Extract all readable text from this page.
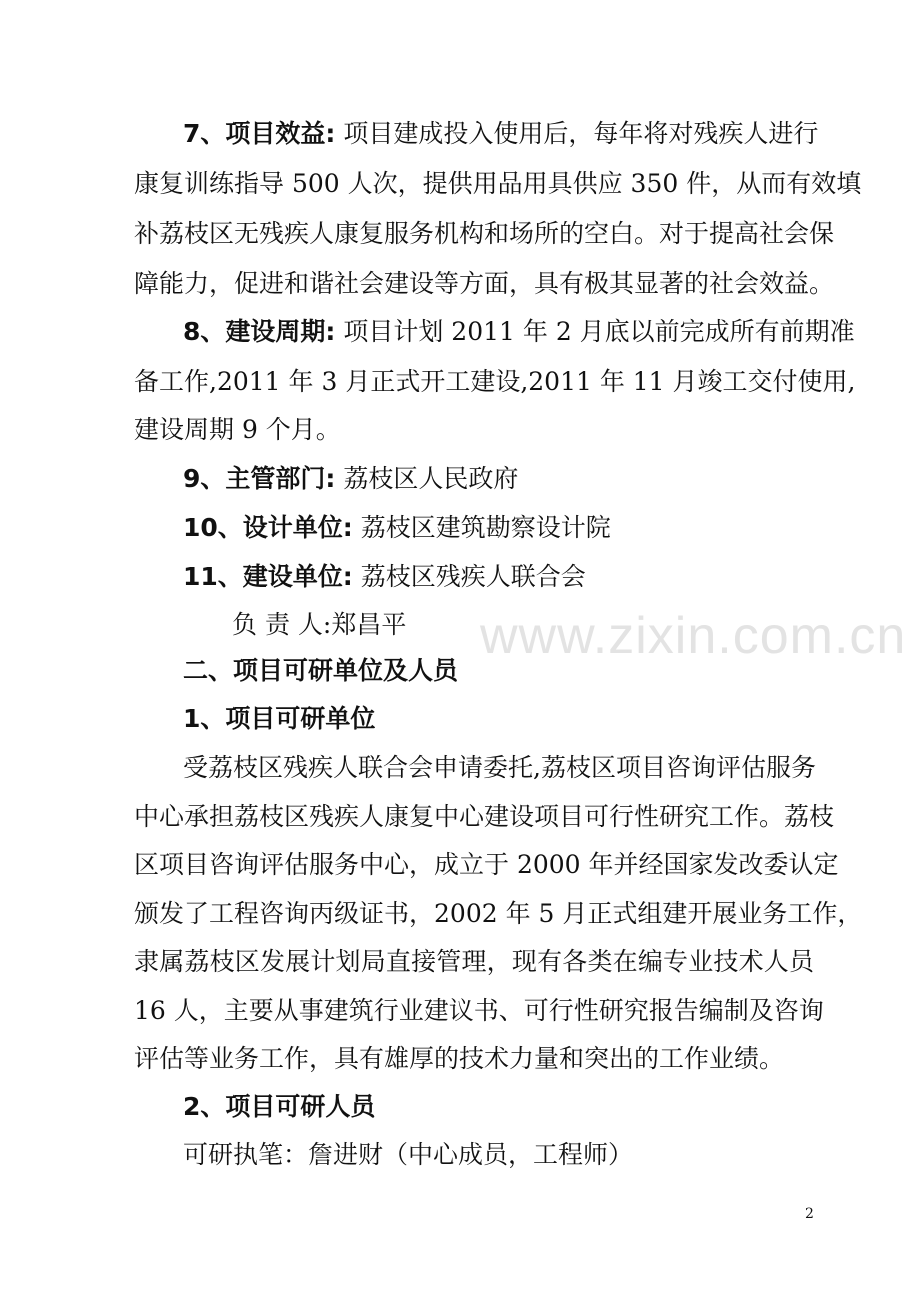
7、项目效益: 项目建成投入使用后，每年将对残疾人进行
康复训练指导 500 人次，提供用品用具供应 350 件，从而有效填
补荔枝区无残疾人康复服务机构和场所的空白。对于提高社会保
障能力，促进和谐社会建设等方面，具有极其显著的社会效益。
8、建设周期: 项目计划 2011 年 2 月底以前完成所有前期准
备工作,2011 年 3 月正式开工建设,2011 年 11 月竣工交付使用,
建设周期 9 个月。
9、主管部门: 荔枝区人民政府
10、设计单位: 荔枝区建筑勘察设计院
11、建设单位: 荔枝区残疾人联合会
负 责 人:郑昌平	www.zixin.com.cn
二、项目可研单位及人员
1、项目可研单位
受荔枝区残疾人联合会申请委托,荔枝区项目咨询评估服务
中心承担荔枝区残疾人康复中心建设项目可行性研究工作。荔枝
区项目咨询评估服务中心，成立于 2000 年并经国家发改委认定
颁发了工程咨询丙级证书，2002 年 5 月正式组建开展业务工作，
隶属荔枝区发展计划局直接管理，现有各类在编专业技术人员
16 人，主要从事建筑行业建议书、可行性研究报告编制及咨询
评估等业务工作，具有雄厚的技术力量和突出的工作业绩。
2、项目可研人员
可研执笔：詹进财（中心成员，工程师）
2
